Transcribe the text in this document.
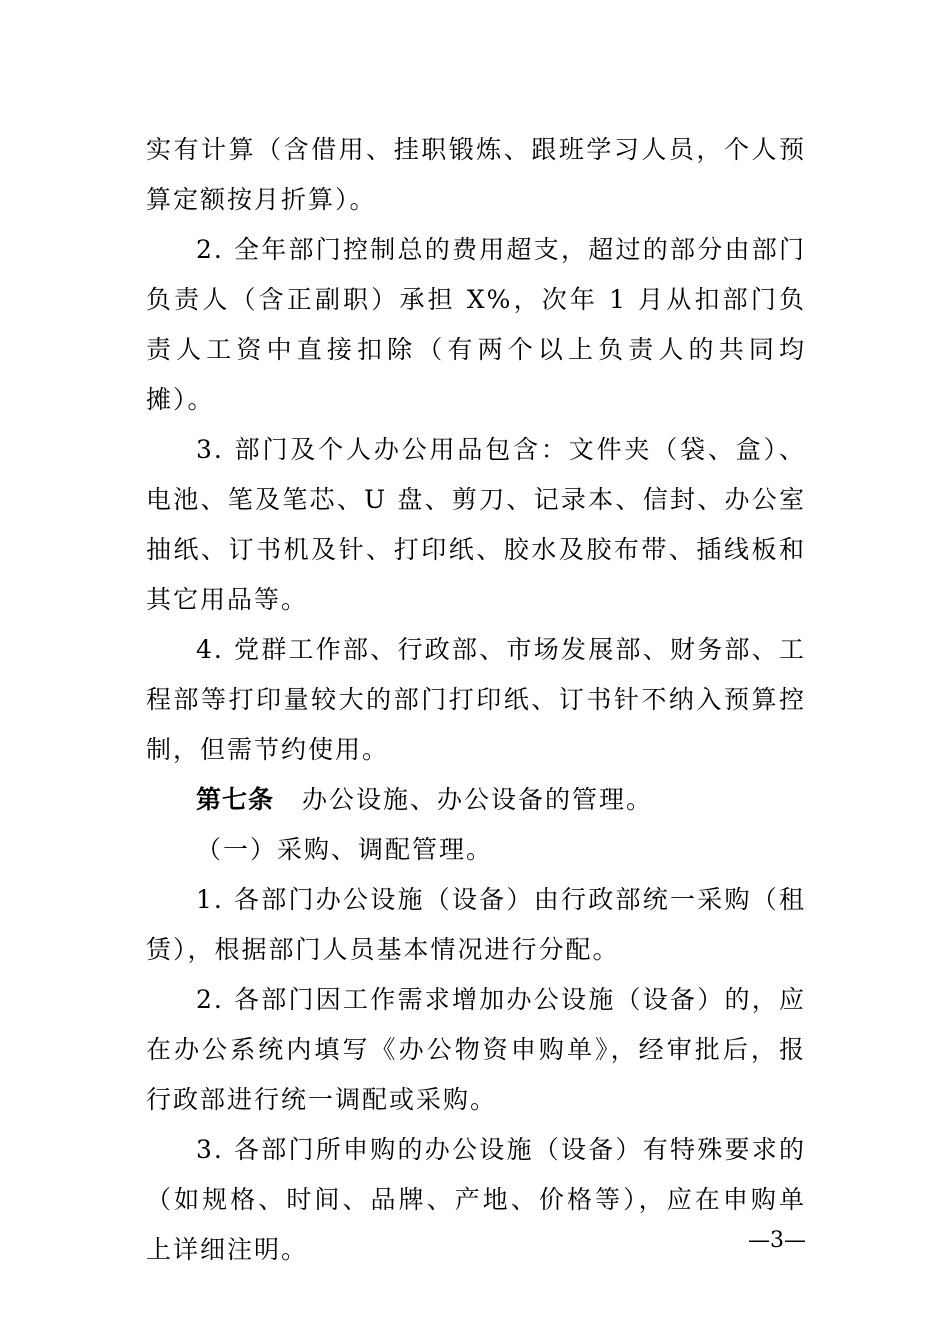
实有计算（含借用、挂职锻炼、跟班学习人员，个人预算定额按月折算）。

2. 全年部门控制总的费用超支，超过的部分由部门负责人（含正副职）承担 X%，次年 1 月从扣部门负责人工资中直接扣除（有两个以上负责人的共同均摊）。

3. 部门及个人办公用品包含：文件夹（袋、盒）、电池、笔及笔芯、U 盘、剪刀、记录本、信封、办公室抽纸、订书机及针、打印纸、胶水及胶布带、插线板和其它用品等。

4. 党群工作部、行政部、市场发展部、财务部、工程部等打印量较大的部门打印纸、订书针不纳入预算控制，但需节约使用。

第七条 办公设施、办公设备的管理。

（一）采购、调配管理。

1. 各部门办公设施（设备）由行政部统一采购（租赁），根据部门人员基本情况进行分配。

2. 各部门因工作需求增加办公设施（设备）的，应在办公系统内填写《办公物资申购单》，经审批后，报行政部进行统一调配或采购。

3. 各部门所申购的办公设施（设备）有特殊要求的（如规格、时间、品牌、产地、价格等），应在申购单上详细注明。	—3—
